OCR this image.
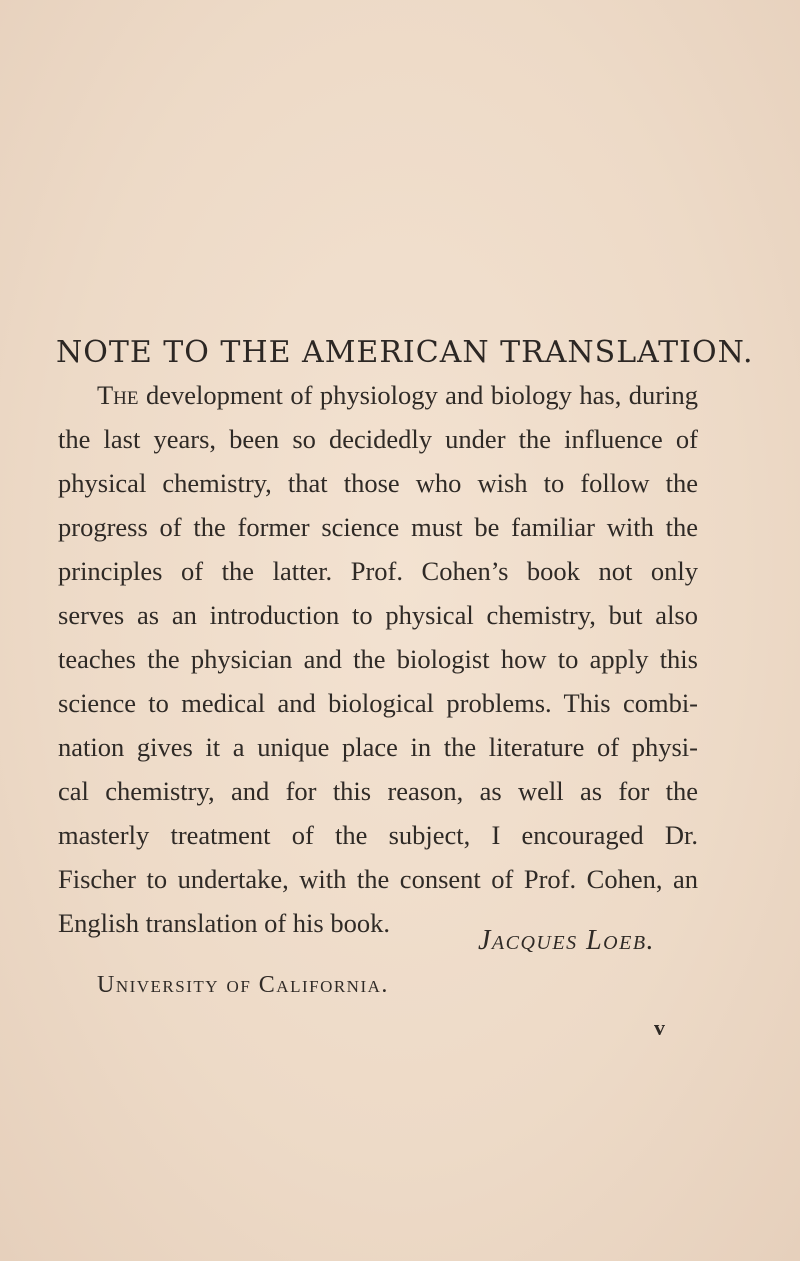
NOTE TO THE AMERICAN TRANSLATION.
The development of physiology and biology has, during
the last years, been so decidedly under the influence of
physical chemistry, that those who wish to follow the
progress of the former science must be familiar with the
principles of the latter. Prof. Cohen’s book not only
serves as an introduction to physical chemistry, but also
teaches the physician and the biologist how to apply this
science to medical and biological problems. This combi-
nation gives it a unique place in the literature of physi-
cal chemistry, and for this reason, as well as for the
masterly treatment of the subject, I encouraged Dr.
Fischer to undertake, with the consent of Prof. Cohen, an
English translation of his book.
Jacques Loeb.
University of California.
v
